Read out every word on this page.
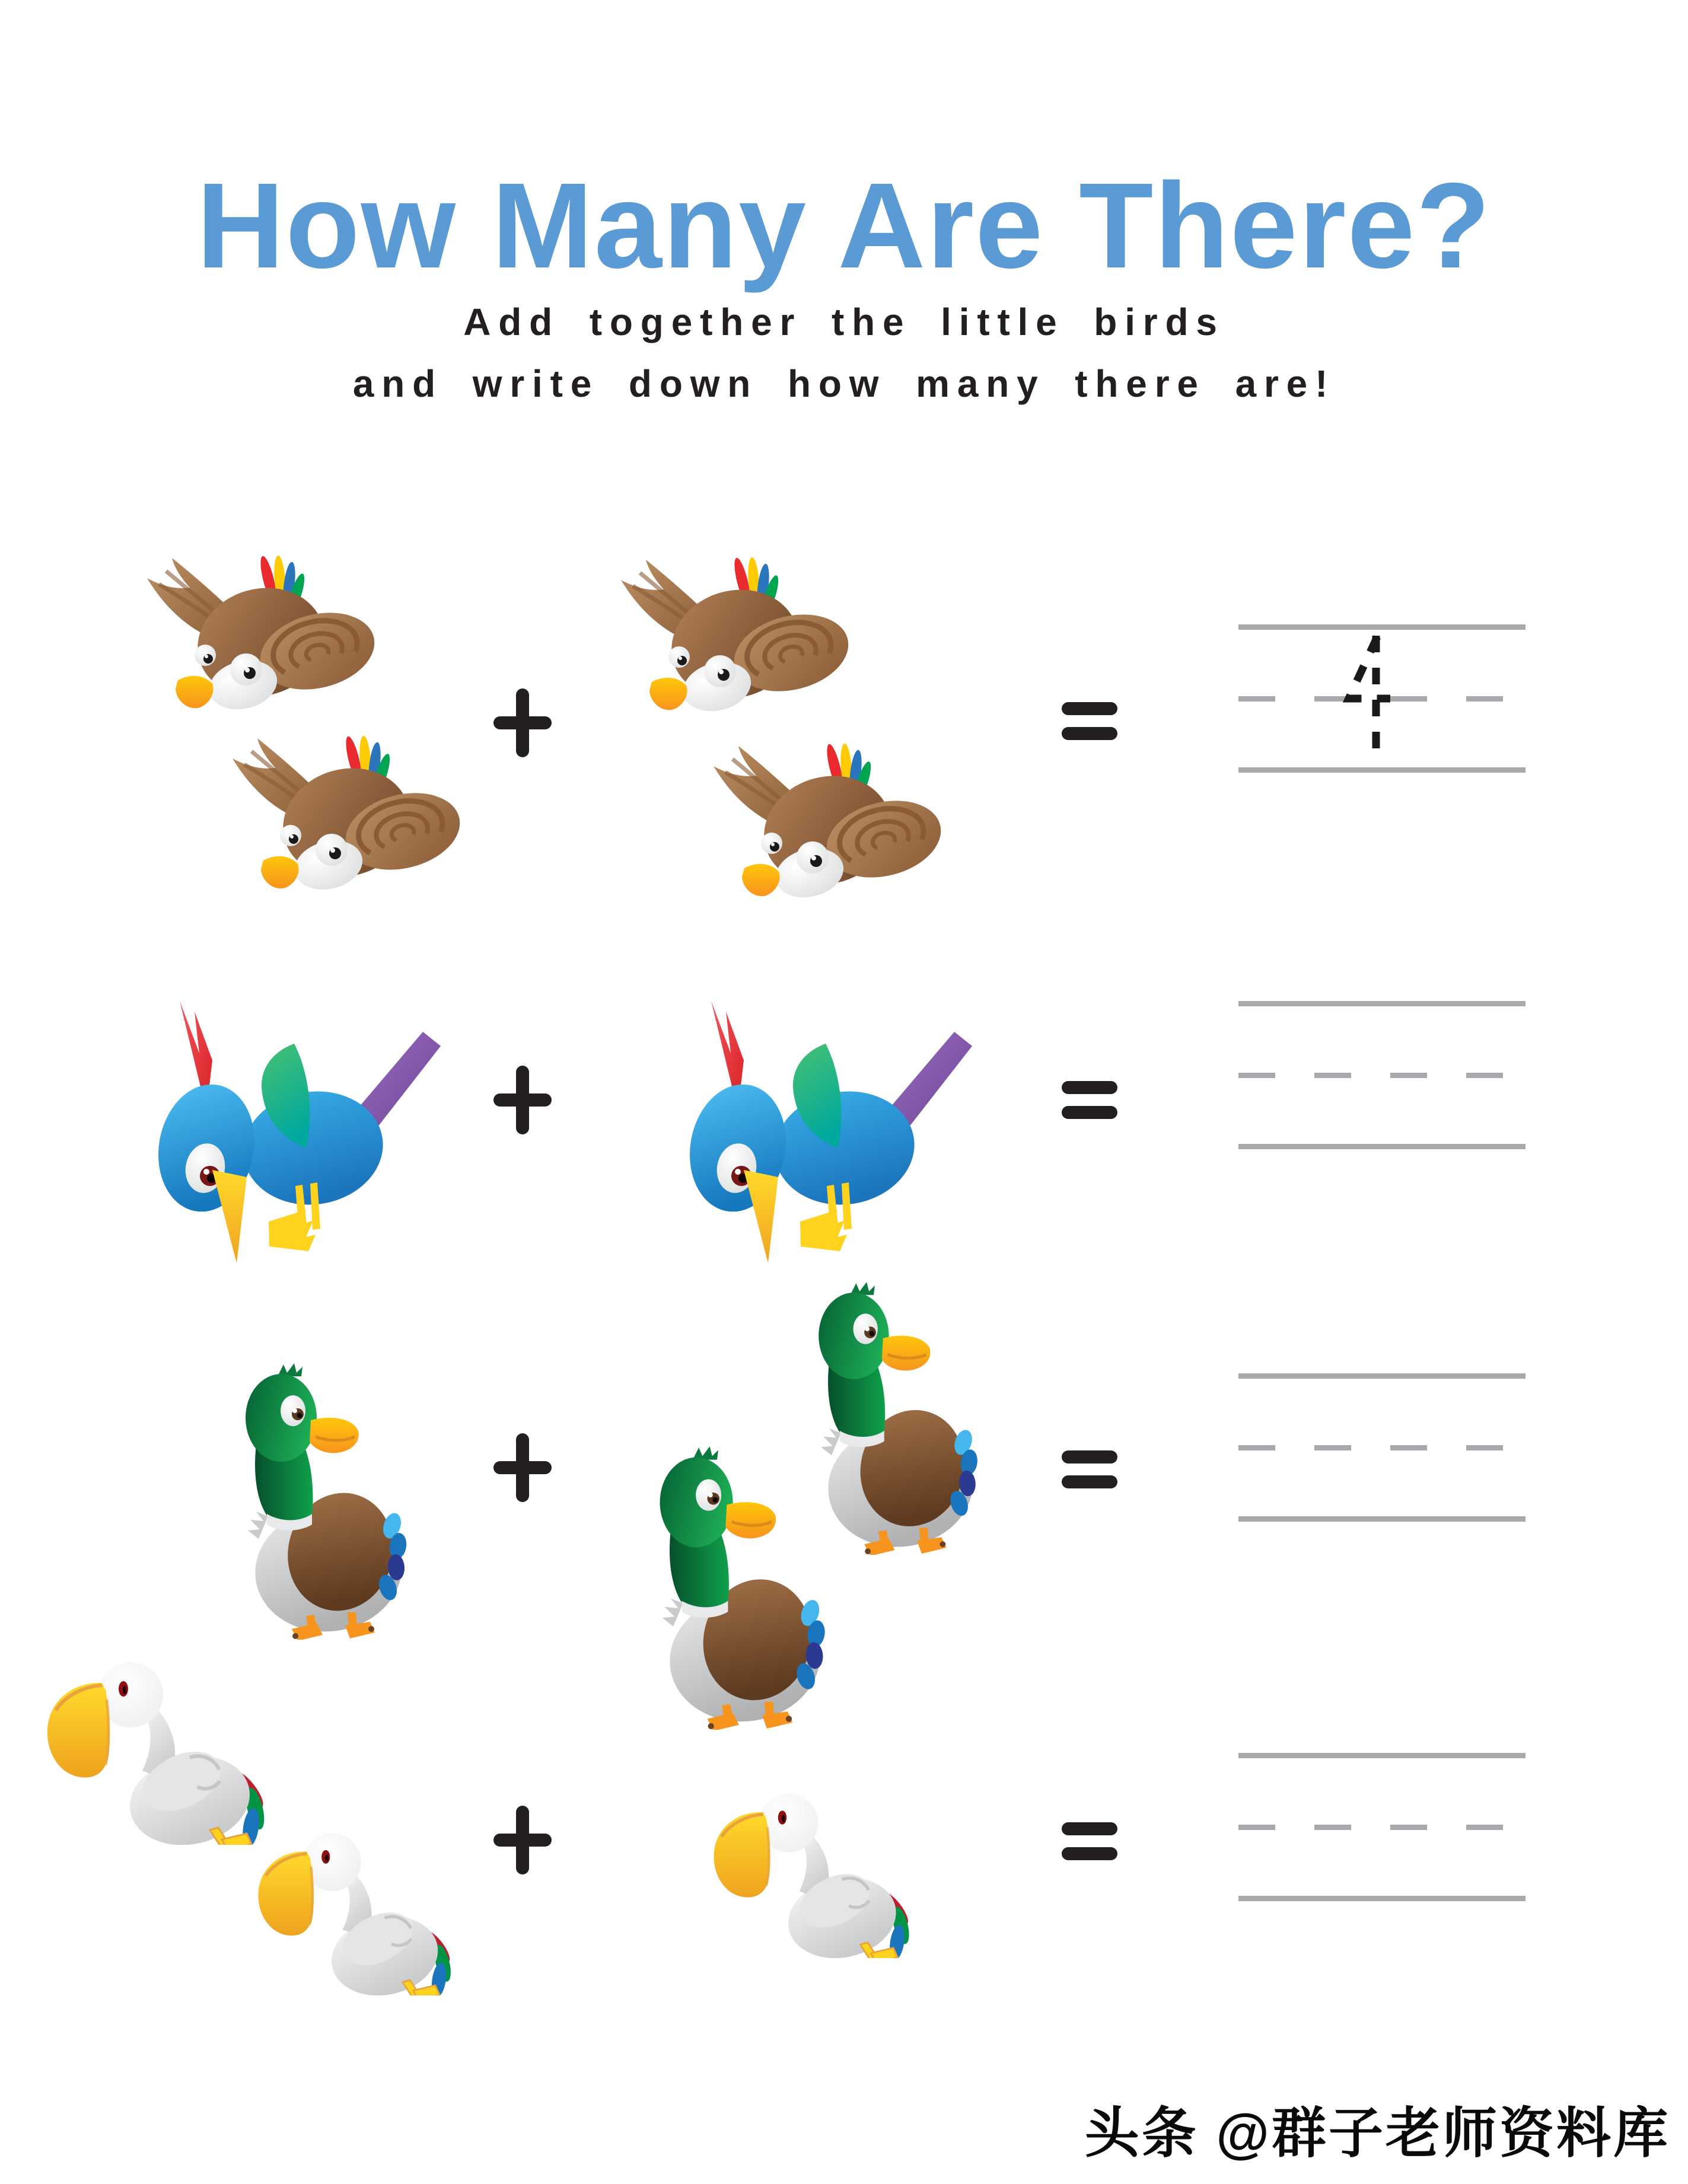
How Many Are There?
Add together the little birds
and write down how many there are!
头条 @群子老师资料库
